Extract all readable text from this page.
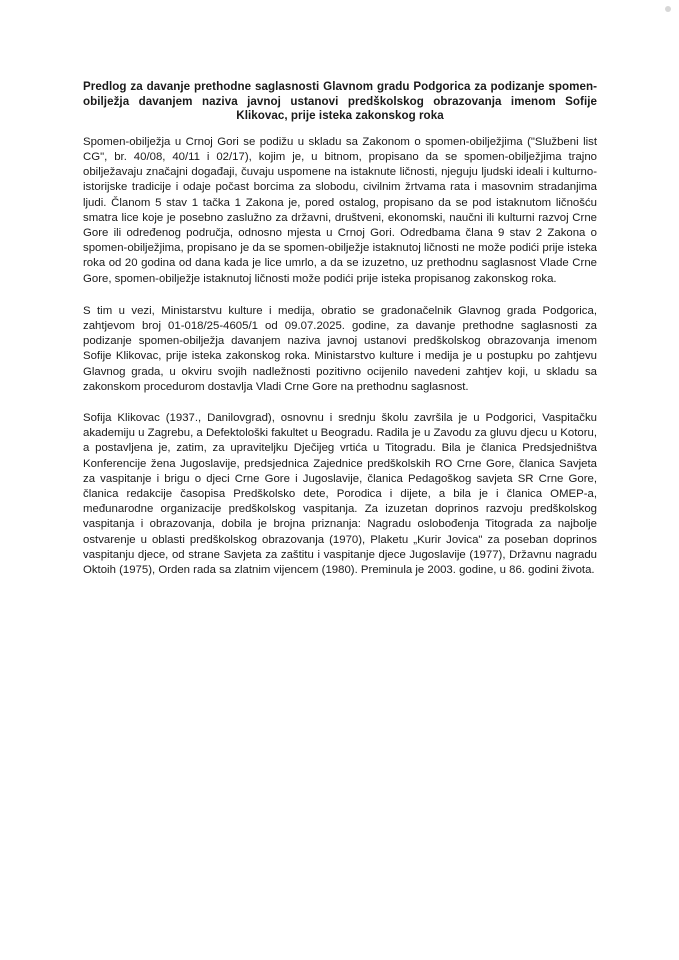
Predlog za davanje prethodne saglasnosti Glavnom gradu Podgorica za podizanje spomen-obilježja davanjem naziva javnoj ustanovi predškolskog obrazovanja imenom Sofije Klikovac, prije isteka zakonskog roka

Spomen-obilježja u Crnoj Gori se podižu u skladu sa Zakonom o spomen-obilježjima ("Službeni list CG", br. 40/08, 40/11 i 02/17), kojim je, u bitnom, propisano da se spomen-obilježjima trajno obilježavaju značajni događaji, čuvaju uspomene na istaknute ličnosti, njeguju ljudski ideali i kulturno-istorijske tradicije i odaje počast borcima za slobodu, civilnim žrtvama rata i masovnim stradanjima ljudi. Članom 5 stav 1 tačka 1 Zakona je, pored ostalog, propisano da se pod istaknutom ličnošću smatra lice koje je posebno zaslužno za državni, društveni, ekonomski, naučni ili kulturni razvoj Crne Gore ili određenog područja, odnosno mjesta u Crnoj Gori. Odredbama člana 9 stav 2 Zakona o spomen-obilježjima, propisano je da se spomen-obilježje istaknutoj ličnosti ne može podići prije isteka roka od 20 godina od dana kada je lice umrlo, a da se izuzetno, uz prethodnu saglasnost Vlade Crne Gore, spomen-obilježje istaknutoj ličnosti može podići prije isteka propisanog zakonskog roka.

S tim u vezi, Ministarstvu kulture i medija, obratio se gradonačelnik Glavnog grada Podgorica, zahtjevom broj 01-018/25-4605/1 od 09.07.2025. godine, za davanje prethodne saglasnosti za podizanje spomen-obilježja davanjem naziva javnoj ustanovi predškolskog obrazovanja imenom Sofije Klikovac, prije isteka zakonskog roka. Ministarstvo kulture i medija je u postupku po zahtjevu Glavnog grada, u okviru svojih nadležnosti pozitivno ocijenilo navedeni zahtjev koji, u skladu sa zakonskom procedurom dostavlja Vladi Crne Gore na prethodnu saglasnost.

Sofija Klikovac (1937., Danilovgrad), osnovnu i srednju školu završila je u Podgorici, Vaspitačku akademiju u Zagrebu, a Defektološki fakultet u Beogradu. Radila je u Zavodu za gluvu djecu u Kotoru, a postavljena je, zatim, za upraviteljku Dječijeg vrtića u Titogradu. Bila je članica Predsjedništva Konferencije žena Jugoslavije, predsjednica Zajednice predškolskih RO Crne Gore, članica Savjeta za vaspitanje i brigu o djeci Crne Gore i Jugoslavije, članica Pedagoškog savjeta SR Crne Gore, članica redakcije časopisa Predškolsko dete, Porodica i dijete, a bila je i članica OMEP-a, međunarodne organizacije predškolskog vaspitanja. Za izuzetan doprinos razvoju predškolskog vaspitanja i obrazovanja, dobila je brojna priznanja: Nagradu oslobođenja Titograda za najbolje ostvarenje u oblasti predškolskog obrazovanja (1970), Plaketu „Kurir Jovica" za poseban doprinos vaspitanju djece, od strane Savjeta za zaštitu i vaspitanje djece Jugoslavije (1977), Državnu nagradu Oktoih (1975), Orden rada sa zlatnim vijencem (1980). Preminula je 2003. godine, u 86. godini života.
